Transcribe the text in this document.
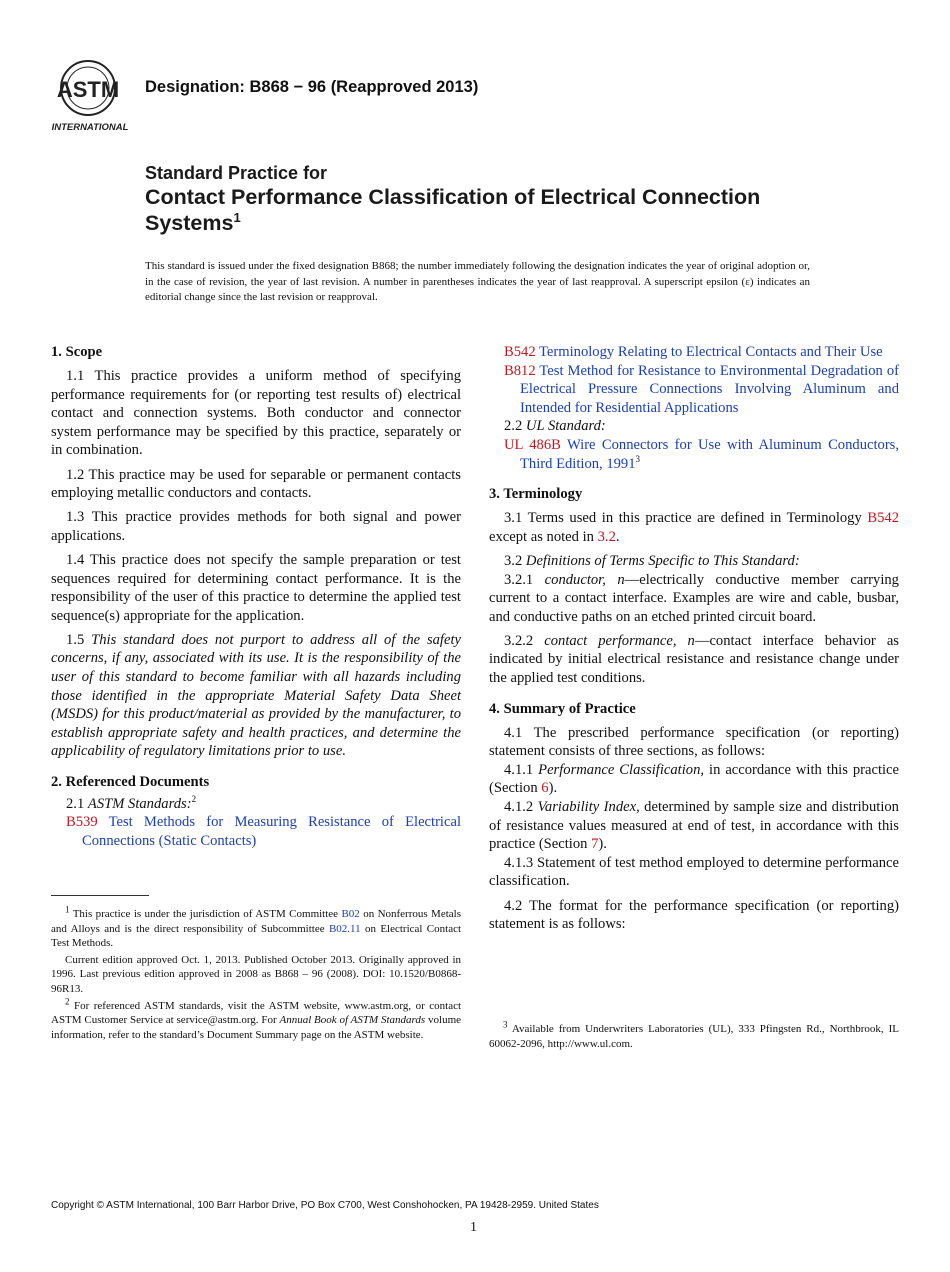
ASTM
INTERNATIONAL
Designation: B868 − 96 (Reapproved 2013)
Standard Practice for
Contact Performance Classification of Electrical Connection
Systems$^1$
This standard is issued under the fixed designation B868; the number immediately following the designation indicates the year of original adoption or, in the case of revision, the year of last revision. A number in parentheses indicates the year of last reapproval. A superscript epsilon (ε) indicates an editorial change since the last revision or reapproval.
1. Scope

1.1 This practice provides a uniform method of specifying performance requirements for (or reporting test results of) electrical contact and connection systems. Both conductor and connector system performance may be specified by this practice, separately or in combination.

1.2 This practice may be used for separable or permanent contacts employing metallic conductors and contacts.

1.3 This practice provides methods for both signal and power applications.

1.4 This practice does not specify the sample preparation or test sequences required for determining contact performance. It is the responsibility of the user of this practice to determine the applied test sequence(s) appropriate for the application.

1.5 This standard does not purport to address all of the safety concerns, if any, associated with its use. It is the responsibility of the user of this standard to become familiar with all hazards including those identified in the appropriate Material Safety Data Sheet (MSDS) for this product/material as provided by the manufacturer, to establish appropriate safety and health practices, and determine the applicability of regulatory limitations prior to use.

2. Referenced Documents

2.1 ASTM Standards:$^2$

B539 Test Methods for Measuring Resistance of Electrical Connections (Static Contacts)

$^1$ This practice is under the jurisdiction of ASTM Committee B02 on Nonferrous Metals and Alloys and is the direct responsibility of Subcommittee B02.11 on Electrical Contact Test Methods.

Current edition approved Oct. 1, 2013. Published October 2013. Originally approved in 1996. Last previous edition approved in 2008 as B868 – 96 (2008). DOI: 10.1520/B0868-96R13.

$^2$ For referenced ASTM standards, visit the ASTM website, www.astm.org, or contact ASTM Customer Service at service@astm.org. For Annual Book of ASTM Standards volume information, refer to the standard’s Document Summary page on the ASTM website.

B542 Terminology Relating to Electrical Contacts and Their Use

B812 Test Method for Resistance to Environmental Degradation of Electrical Pressure Connections Involving Aluminum and Intended for Residential Applications

2.2 UL Standard:

UL 486B Wire Connectors for Use with Aluminum Conductors, Third Edition, 1991$^3$

3. Terminology

3.1 Terms used in this practice are defined in Terminology B542 except as noted in 3.2.

3.2 Definitions of Terms Specific to This Standard:

3.2.1 conductor, n—electrically conductive member carrying current to a contact interface. Examples are wire and cable, busbar, and conductive paths on an etched printed circuit board.

3.2.2 contact performance, n—contact interface behavior as indicated by initial electrical resistance and resistance change under the applied test conditions.

4. Summary of Practice

4.1 The prescribed performance specification (or reporting) statement consists of three sections, as follows:

4.1.1 Performance Classification, in accordance with this practice (Section 6).

4.1.2 Variability Index, determined by sample size and distribution of resistance values measured at end of test, in accordance with this practice (Section 7).

4.1.3 Statement of test method employed to determine performance classification.

4.2 The format for the performance specification (or reporting) statement is as follows:

$^3$ Available from Underwriters Laboratories (UL), 333 Pfingsten Rd., Northbrook, IL 60062-2096, http://www.ul.com.

Copyright © ASTM International, 100 Barr Harbor Drive, PO Box C700, West Conshohocken, PA 19428-2959. United States
1
